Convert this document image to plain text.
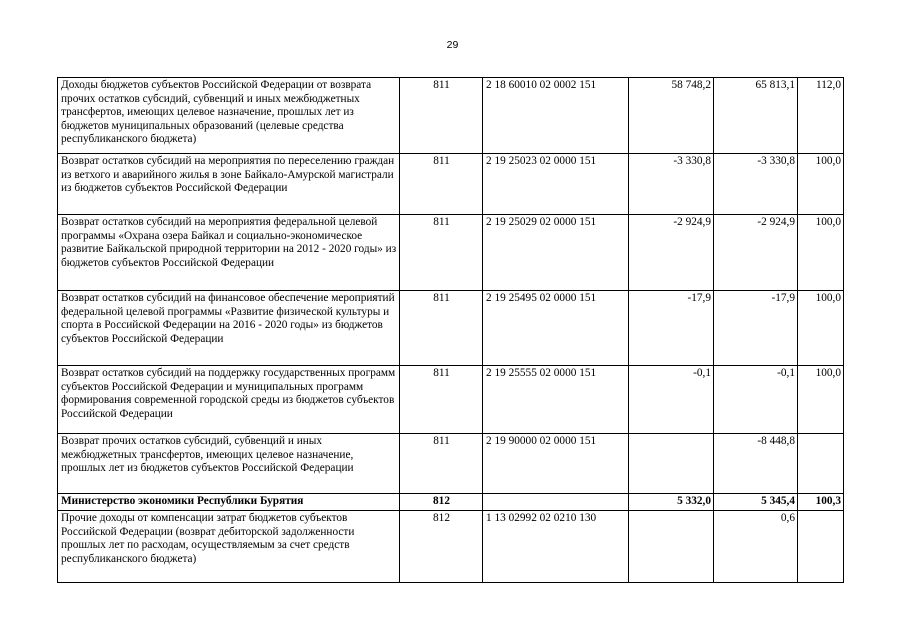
29
Доходы бюджетов субъектов Российской Федерации от возврата прочих остатков субсидий, субвенций и иных межбюджетных трансфертов, имеющих целевое назначение, прошлых лет из бюджетов муниципальных образований (целевые средства республиканского бюджета)	811	2 18 60010 02 0002 151	58 748,2	65 813,1	112,0
Возврат остатков субсидий на мероприятия по переселению граждан из ветхого и аварийного жилья в зоне Байкало-Амурской магистрали из бюджетов субъектов Российской Федерации	811	2 19 25023 02 0000 151	-3 330,8	-3 330,8	100,0
Возврат остатков субсидий на мероприятия федеральной целевой программы «Охрана озера Байкал и социально-экономическое развитие Байкальской природной территории на 2012 - 2020 годы» из бюджетов субъектов Российской Федерации	811	2 19 25029 02 0000 151	-2 924,9	-2 924,9	100,0
Возврат остатков субсидий на финансовое обеспечение мероприятий федеральной целевой программы «Развитие физической культуры и спорта в Российской Федерации на 2016 - 2020 годы» из бюджетов субъектов Российской Федерации	811	2 19 25495 02 0000 151	-17,9	-17,9	100,0
Возврат остатков субсидий на поддержку государственных программ субъектов Российской Федерации и муниципальных программ формирования современной городской среды из бюджетов субъектов Российской Федерации	811	2 19 25555 02 0000 151	-0,1	-0,1	100,0
Возврат прочих остатков субсидий, субвенций и иных межбюджетных трансфертов, имеющих целевое назначение, прошлых лет из бюджетов субъектов Российской Федерации	811	2 19 90000 02 0000 151		-8 448,8	
Министерство экономики Республики Бурятия	812		5 332,0	5 345,4	100,3
Прочие доходы от компенсации затрат бюджетов субъектов Российской Федерации (возврат дебиторской задолженности прошлых лет по расходам, осуществляемым за счет средств республиканского бюджета)	812	1 13 02992 02 0210 130		0,6	
